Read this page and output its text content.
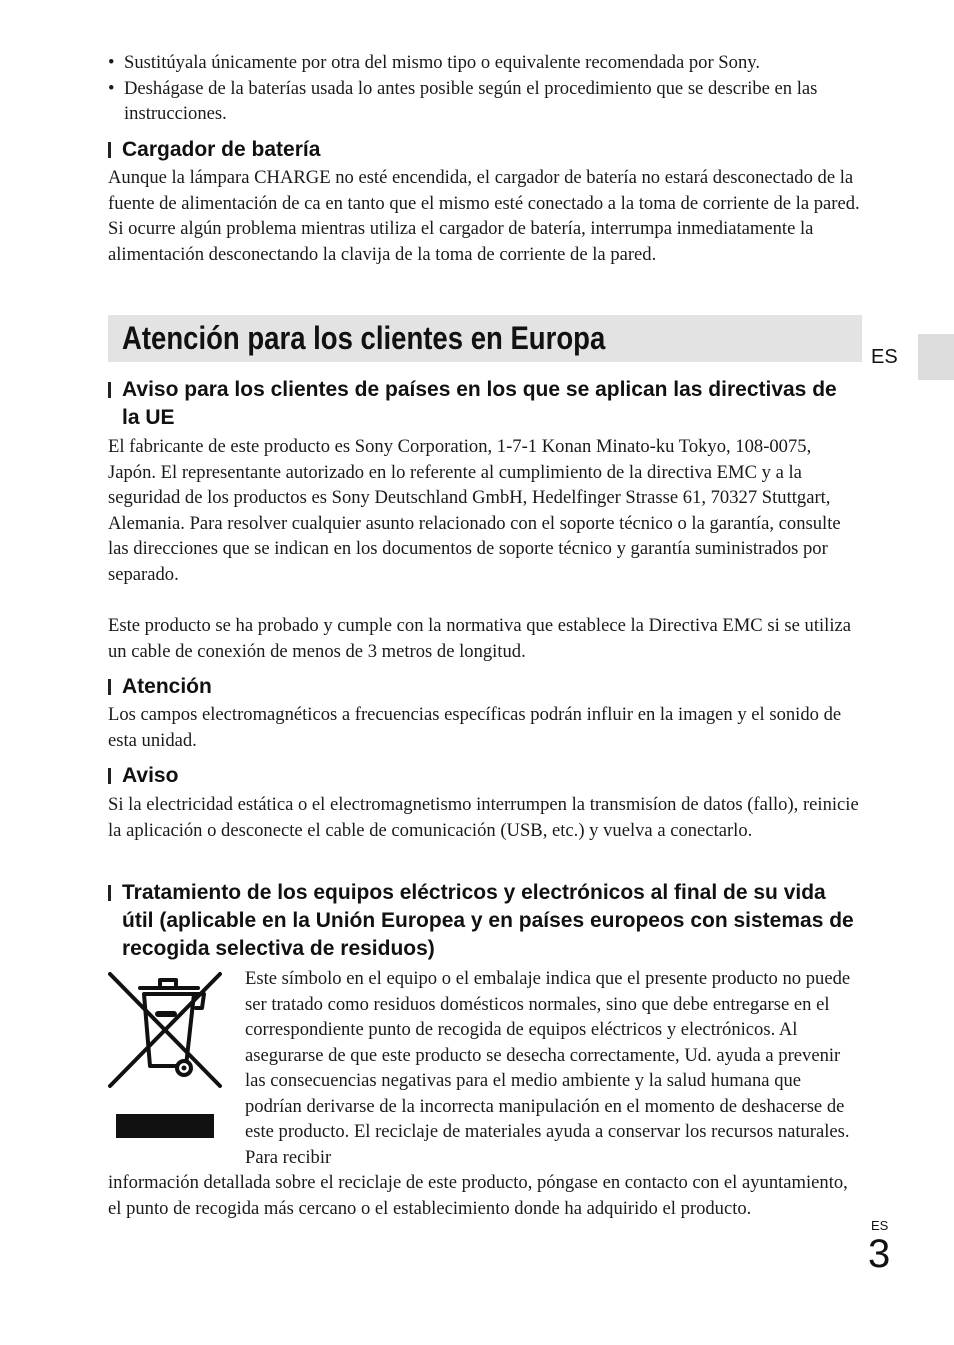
• Sustitúyala únicamente por otra del mismo tipo o equivalente recomendada por Sony.
• Deshágase de la baterías usada lo antes posible según el procedimiento que se describe en las instrucciones.
Cargador de batería

Aunque la lámpara CHARGE no esté encendida, el cargador de batería no estará desconectado de la fuente de alimentación de ca en tanto que el mismo esté conectado a la toma de corriente de la pared. Si ocurre algún problema mientras utiliza el cargador de batería, interrumpa inmediatamente la alimentación desconectando la clavija de la toma de corriente de la pared.

Atención para los clientes en Europa
ES
Aviso para los clientes de países en los que se aplican las directivas de la UE

El fabricante de este producto es Sony Corporation, 1-7-1 Konan Minato-ku Tokyo, 108-0075, Japón. El representante autorizado en lo referente al cumplimiento de la directiva EMC y a la seguridad de los productos es Sony Deutschland GmbH, Hedelfinger Strasse 61, 70327 Stuttgart, Alemania. Para resolver cualquier asunto relacionado con el soporte técnico o la garantía, consulte las direcciones que se indican en los documentos de soporte técnico y garantía suministrados por separado.

Este producto se ha probado y cumple con la normativa que establece la Directiva EMC si se utiliza un cable de conexión de menos de 3 metros de longitud.

Atención

Los campos electromagnéticos a frecuencias específicas podrán influir en la imagen y el sonido de esta unidad.

Aviso

Si la electricidad estática o el electromagnetismo interrumpen la transmisíon de datos (fallo), reinicie la aplicación o desconecte el cable de comunicación (USB, etc.) y vuelva a conectarlo.

Tratamiento de los equipos eléctricos y electrónicos al final de su vida útil (aplicable en la Unión Europea y en países europeos con sistemas de recogida selectiva de residuos)

Este símbolo en el equipo o el embalaje indica que el presente producto no puede ser tratado como residuos domésticos normales, sino que debe entregarse en el correspondiente punto de recogida de equipos eléctricos y electrónicos. Al asegurarse de que este producto se desecha correctamente, Ud. ayuda a prevenir las consecuencias negativas para el medio ambiente y la salud humana que podrían derivarse de la incorrecta manipulación en el momento de deshacerse de este producto. El reciclaje de materiales ayuda a conservar los recursos naturales. Para recibir

información detallada sobre el reciclaje de este producto, póngase en contacto con el ayuntamiento, el punto de recogida más cercano o el establecimiento donde ha adquirido el producto.

ES
3
